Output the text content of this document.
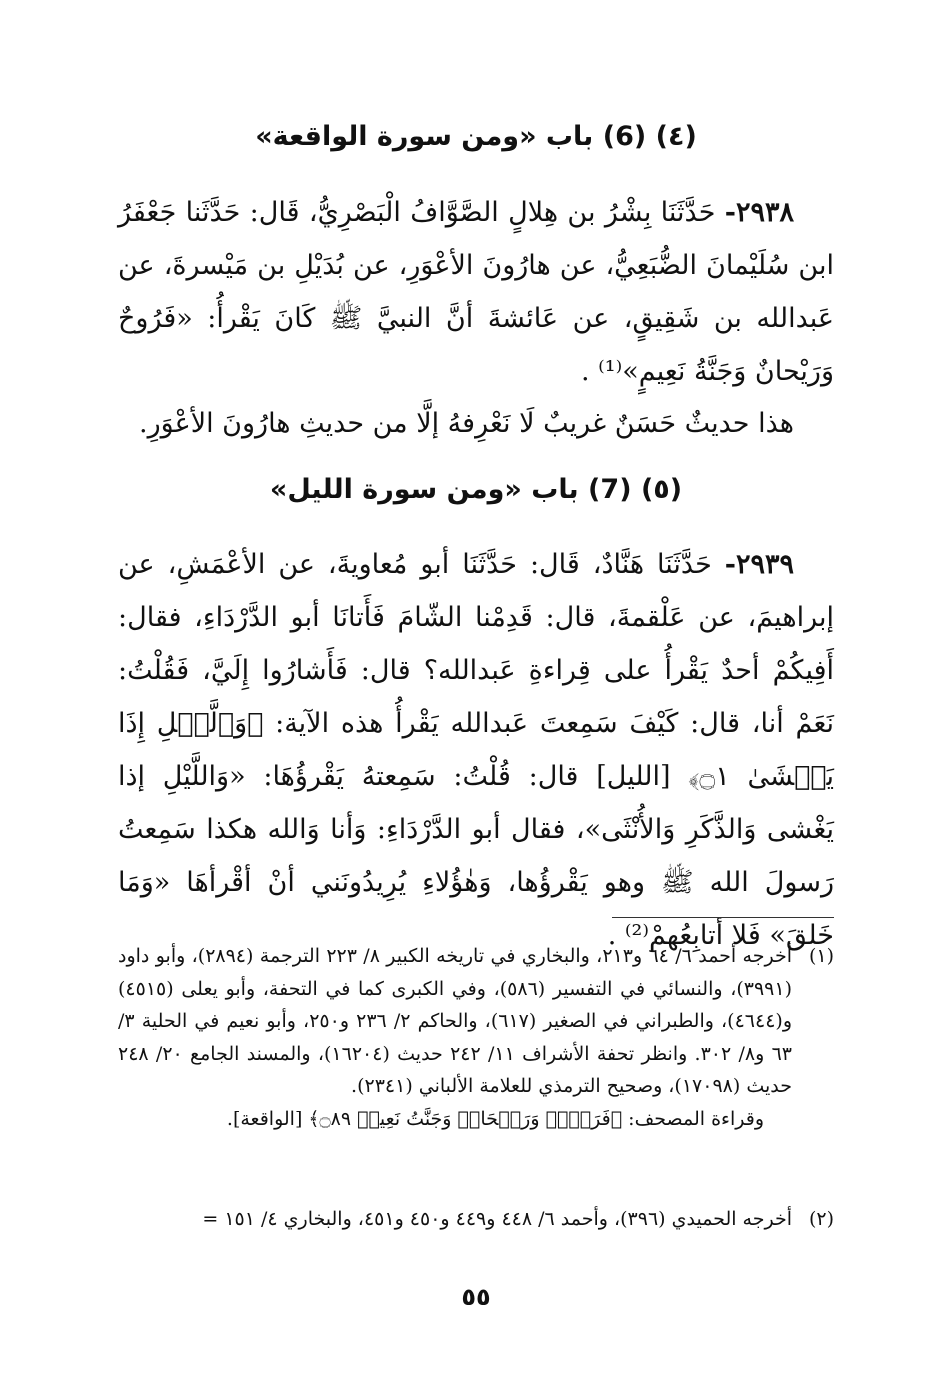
(٤) (6) باب «ومن سورة الواقعة»

٢٩٣٨- حَدَّثَنَا بِشْرُ بن هِلالٍ الصَّوَّافُ الْبَصْرِيُّ، قَال: حَدَّثَنا جَعْفَرُ ابن سُلَيْمانَ الضُّبَعِيُّ، عن هارُونَ الأعْوَرِ، عن بُدَيْلِ بن مَيْسرةَ، عن عَبدالله بن شَقِيقٍ، عن عَائشةَ أنَّ النبيَّ ﷺ كَانَ يَقْرأُ: «فَرُوحٌ وَرَيْحانٌ وَجَنَّةُ نَعِيمٍ»⁽¹⁾ .

هذا حديثٌ حَسَنٌ غريبٌ لَا نَعْرِفهُ إلَّا من حديثِ هارُونَ الأعْوَرِ.
(٥) (7) باب «ومن سورة الليل»

٢٩٣٩- حَدَّثَنَا هَنَّادٌ، قَال: حَدَّثَنَا أبو مُعاويةَ، عن الأعْمَشِ، عن إبراهيمَ، عن عَلْقمةَ، قال: قَدِمْنا الشّامَ فَأَتانَا أبو الدَّرْدَاءِ، فقال: أَفِيكُمْ أحدٌ يَقْرأُ على قِراءةِ عَبدالله؟ قال: فَأَشارُوا إِلَيَّ، فَقُلْتُ: نَعَمْ أنا، قال: كَيْفَ سَمِعتَ عَبدالله يَقْرأُ هذه الآية: ﴿وَٱلَّيۡلِ إِذَا يَغۡشَىٰ ۝١﴾ [الليل] قال: قُلْتُ: سَمِعتهُ يَقْرؤُهَا: «وَاللَّيْلِ إذا يَغْشى وَالذَّكَرِ وَالأُنْثَى»، فقال أبو الدَّرْدَاءِ: وَأنا وَالله هكذا سَمِعتُ رَسولَ الله ﷺ وهو يَقْرؤُها، وَهٰؤُلاءِ يُرِيدُونَني أنْ أقْرأهَا «وَمَا خَلقَ» فَلا أتابِعُهمْ⁽²⁾ .

(١)
أخرجه أحمد ٦/ ٦٤ و٢١٣، والبخاري في تاريخه الكبير ٨/ ٢٢٣ الترجمة (٢٨٩٤)، وأبو داود (٣٩٩١)، والنسائي في التفسير (٥٨٦)، وفي الكبرى كما في التحفة، وأبو يعلى (٤٥١٥) و(٤٦٤٤)، والطبراني في الصغير (٦١٧)، والحاكم ٢/ ٢٣٦ و٢٥٠، وأبو نعيم في الحلية ٣/ ٦٣ و٨/ ٣٠٢. وانظر تحفة الأشراف ١١/ ٢٤٢ حديث (١٦٢٠٤)، والمسند الجامع ٢٠/ ٢٤٨ حديث (١٧٠٩٨)، وصحيح الترمذي للعلامة الألباني (٢٣٤١).
وقراءة المصحف: ﴿فَرَوۡحٞ وَرَيۡحَانٞ وَجَنَّتُ نَعِيمٖ ۝٨٩﴾ [الواقعة].
(٢)
أخرجه الحميدي (٣٩٦)، وأحمد ٦/ ٤٤٨ و٤٤٩ و٤٥٠ و٤٥١، والبخاري ٤/ ١٥١ =
٥٥
